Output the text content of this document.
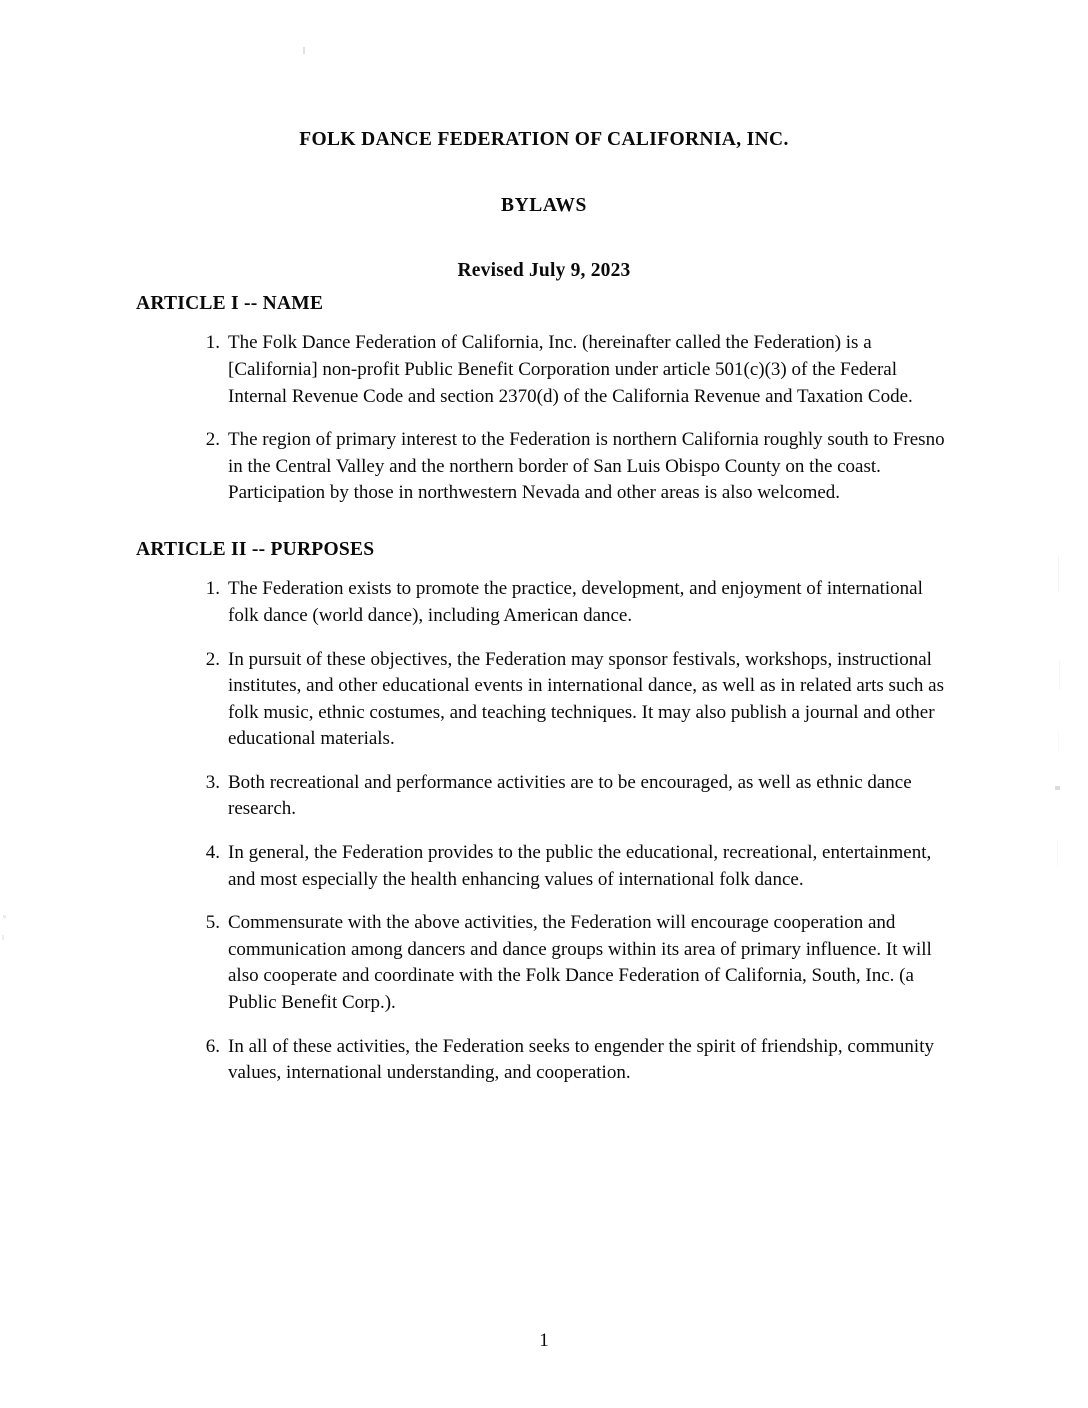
FOLK DANCE FEDERATION OF CALIFORNIA, INC.
BYLAWS
Revised July 9, 2023
ARTICLE I -- NAME
1. The Folk Dance Federation of California, Inc. (hereinafter called the Federation) is a [California] non-profit Public Benefit Corporation under article 501(c)(3) of the Federal Internal Revenue Code and section 2370(d) of the California Revenue and Taxation Code.
2. The region of primary interest to the Federation is northern California roughly south to Fresno in the Central Valley and the northern border of San Luis Obispo County on the coast. Participation by those in northwestern Nevada and other areas is also welcomed.
ARTICLE II -- PURPOSES
1. The Federation exists to promote the practice, development, and enjoyment of international folk dance (world dance), including American dance.
2. In pursuit of these objectives, the Federation may sponsor festivals, workshops, instructional institutes, and other educational events in international dance, as well as in related arts such as folk music, ethnic costumes, and teaching techniques. It may also publish a journal and other educational materials.
3. Both recreational and performance activities are to be encouraged, as well as ethnic dance research.
4. In general, the Federation provides to the public the educational, recreational, entertainment, and most especially the health enhancing values of international folk dance.
5. Commensurate with the above activities, the Federation will encourage cooperation and communication among dancers and dance groups within its area of primary influence. It will also cooperate and coordinate with the Folk Dance Federation of California, South, Inc. (a Public Benefit Corp.).
6. In all of these activities, the Federation seeks to engender the spirit of friendship, community values, international understanding, and cooperation.
1
